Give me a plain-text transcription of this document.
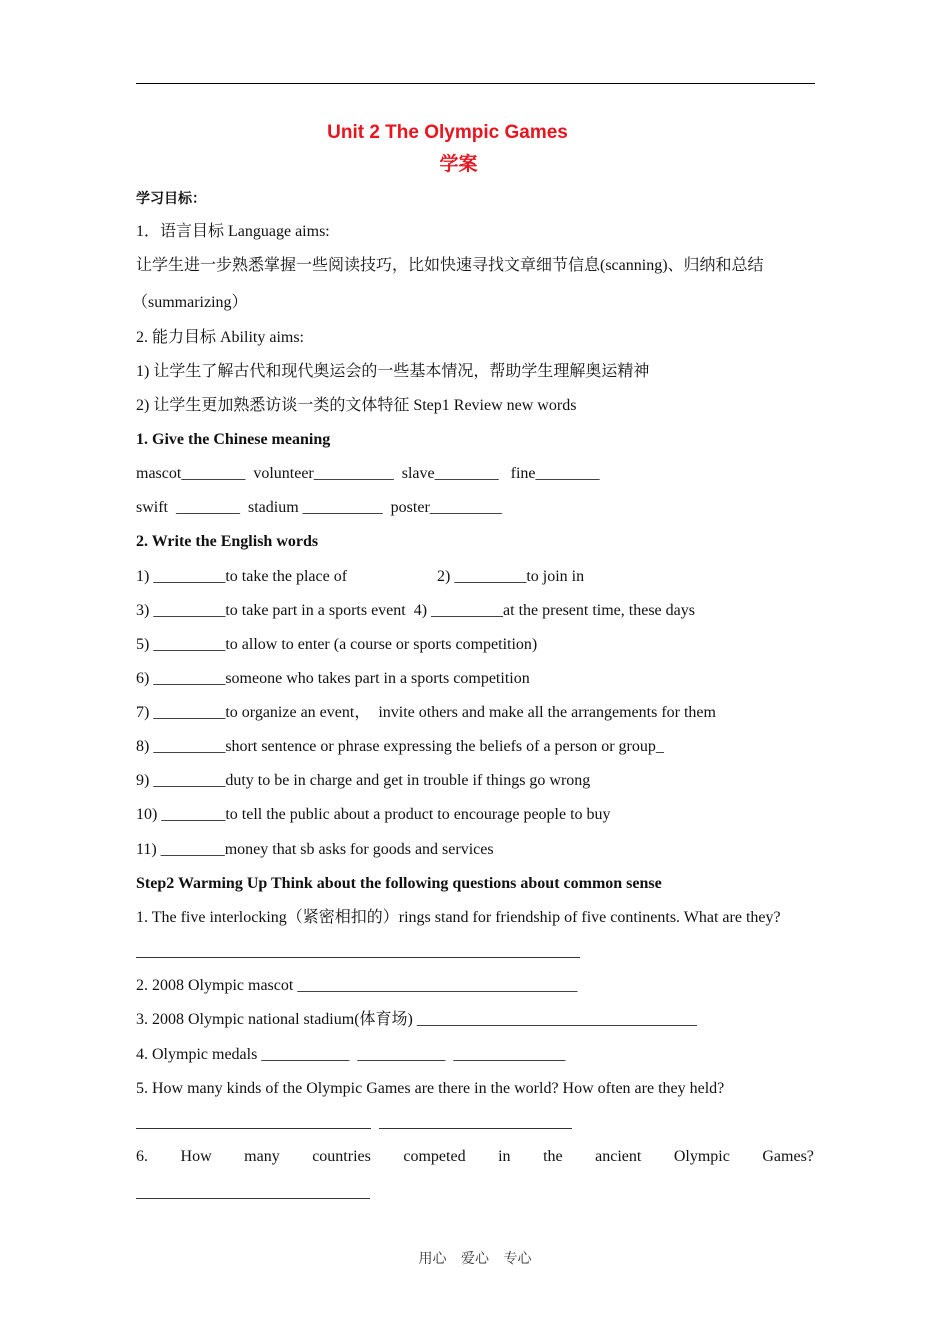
Unit 2 The Olympic Games
学案
学习目标：
1．语言目标 Language aims:
让学生进一步熟悉掌握一些阅读技巧，比如快速寻找文章细节信息(scanning)、归纳和总结
（summarizing）
2. 能力目标 Ability aims:
1) 让学生了解古代和现代奥运会的一些基本情况，帮助学生理解奥运精神
2) 让学生更加熟悉访谈一类的文体特征 Step1 Review new words
1. Give the Chinese meaning
mascot________  volunteer__________  slave________   fine________
swift  ________  stadium __________  poster_________
2. Write the English words
1) _________to take the place of	2) _________to join in
3) _________to take part in a sports event  4) _________at the present time, these days
5) _________to allow to enter (a course or sports competition)
6) _________someone who takes part in a sports competition
7) _________to organize an event，  invite others and make all the arrangements for them
8) _________short sentence or phrase expressing the beliefs of a person or group_
9) _________duty to be in charge and get in trouble if things go wrong
10) ________to tell the public about a product to encourage people to buy
11) ________money that sb asks for goods and services
Step2 Warming Up Think about the following questions about common sense
1. The five interlocking（紧密相扣的）rings stand for friendship of five continents. What are they?
2. 2008 Olympic mascot ___________________________________
3. 2008 Olympic national stadium(体育场) ___________________________________
4. Olympic medals ___________  ___________  ______________
5. How many kinds of the Olympic Games are there in the world? How often are they held?
6. How many countries competed in the ancient Olympic Games?
用心 爱心 专心
